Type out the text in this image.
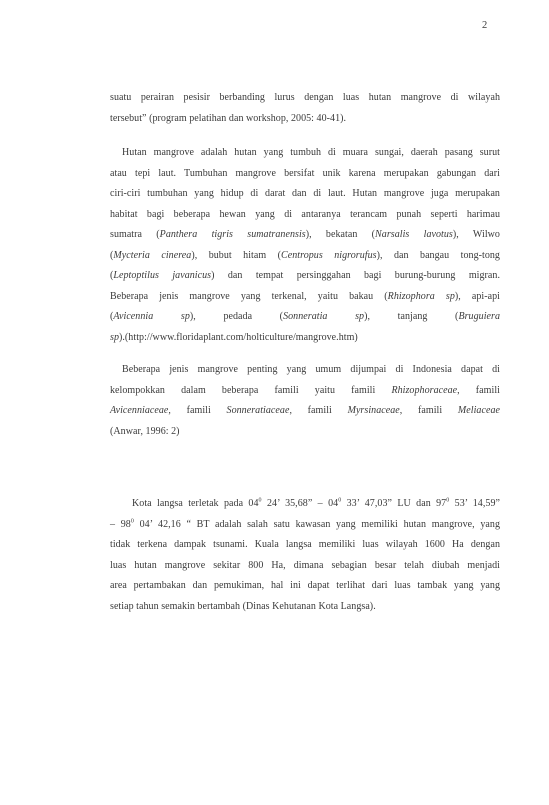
2
suatu perairan pesisir berbanding lurus dengan luas hutan mangrove di wilayah
tersebut” (program pelatihan dan workshop, 2005: 40-41).
Hutan mangrove adalah hutan yang tumbuh di muara sungai, daerah pasang surut
atau tepi laut. Tumbuhan mangrove bersifat unik karena merupakan gabungan dari
ciri-ciri tumbuhan yang hidup di darat dan di laut. Hutan mangrove juga merupakan
habitat bagi beberapa hewan yang di antaranya terancam punah seperti harimau
sumatra (Panthera tigris sumatranensis), bekatan (Narsalis lavotus), Wilwo
(Mycteria cinerea), bubut hitam (Centropus nigrorufus), dan bangau tong-tong
(Leptoptilus javanicus) dan tempat persinggahan bagi burung-burung migran.
Beberapa jenis mangrove yang terkenal, yaitu bakau (Rhizophora sp), api-api
(Avicennia sp), pedada (Sonneratia sp), tanjang (Bruguiera
sp).(http://www.floridaplant.com/holticulture/mangrove.htm)
Beberapa jenis mangrove penting yang umum dijumpai di Indonesia dapat di
kelompokkan dalam beberapa famili yaitu famili Rhizophoraceae, famili
Avicenniaceae, famili Sonneratiaceae, famili Myrsinaceae, famili Meliaceae
(Anwar, 1996: 2)
Kota langsa terletak pada $04^0$ 24’ 35,68” – $04^0$ 33’ 47,03” LU dan $97^0$ 53’ 14,59”
– $98^0$ 04’ 42,16 “ BT adalah salah satu kawasan yang memiliki hutan mangrove, yang
tidak terkena dampak tsunami. Kuala langsa memiliki luas wilayah 1600 Ha dengan
luas hutan mangrove sekitar 800 Ha, dimana sebagian besar telah diubah menjadi
area pertambakan dan pemukiman, hal ini dapat terlihat dari luas tambak yang yang
setiap tahun semakin bertambah (Dinas Kehutanan Kota Langsa).
